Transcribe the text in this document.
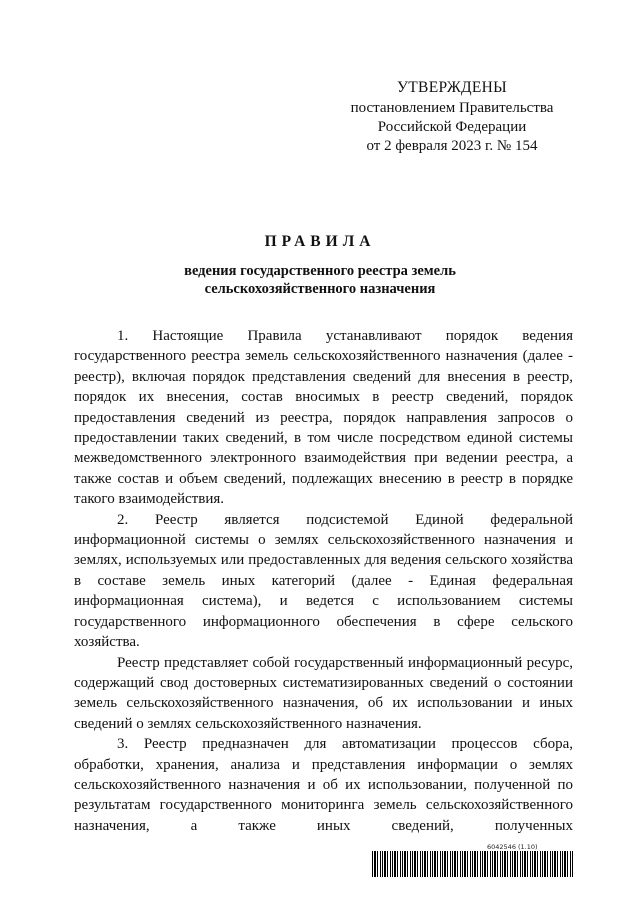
УТВЕРЖДЕНЫ
постановлением Правительства
Российской Федерации
от 2 февраля 2023 г. № 154
ПРАВИЛА
ведения государственного реестра земель
сельскохозяйственного назначения

1. Настоящие Правила устанавливают порядок ведения государственного реестра земель сельскохозяйственного назначения (далее - реестр), включая порядок представления сведений для внесения в реестр, порядок их внесения, состав вносимых в реестр сведений, порядок предоставления сведений из реестра, порядок направления запросов о предоставлении таких сведений, в том числе посредством единой системы межведомственного электронного взаимодействия при ведении реестра, а также состав и объем сведений, подлежащих внесению в реестр в порядке такого взаимодействия.

2. Реестр является подсистемой Единой федеральной информационной системы о землях сельскохозяйственного назначения и землях, используемых или предоставленных для ведения сельского хозяйства в составе земель иных категорий (далее - Единая федеральная информационная система), и ведется с использованием системы государственного информационного обеспечения в сфере сельского хозяйства.

Реестр представляет собой государственный информационный ресурс, содержащий свод достоверных систематизированных сведений о состоянии земель сельскохозяйственного назначения, об их использовании и иных сведений о землях сельскохозяйственного назначения.

3. Реестр предназначен для автоматизации процессов сбора, обработки, хранения, анализа и представления информации о землях сельскохозяйственного назначения и об их использовании, полученной по результатам государственного мониторинга земель сельскохозяйственного назначения, а также иных сведений, полученных

6042546 (1.10)
